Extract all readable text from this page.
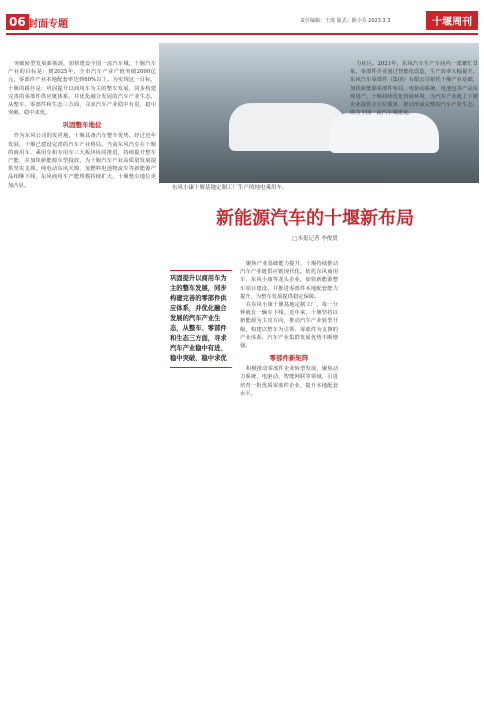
06 封面专题	责任编辑：王琦 版式：陈小芬 2023.3.3	十堰周刊

突破转型发展新瓶颈，加快建设全国一流汽车城。十堰汽车产业的目标是：到2025年，全市汽车产业产值突破2000亿元，零部件产业本地配套率达到60%以上。为实现这一目标，十堰的路径是：巩固提升以商用车为主的整车发展，同步构建完善的零部件供应链体系，并优化融合发展的汽车产业生态，从整车、零部件和生态三方面，寻求汽车产业稳中有进、稳中突破、稳中求优。

巩固整车地位

作为东风公司的发祥地，十堰具备汽车整车优势。经过近年发展，十堰已建设完善的汽车产业格局。当前东风汽车在十堰的商用车、乘用车和专用车三大板块协同推进，持续提升整车产能，并加快新能源车型投放，为十堰汽车产业高质量发展提供坚实支撑。纯电动东风天锦、氢燃料电池物流车等新能源产品相继下线，东风商用车产能规模持续扩大，十堰整车地位更加凸显。	东风小康十堰基地定制工厂生产的纯电乘用车。
新能源汽车的十堰新布局
□本报记者 李俊贤
巩固提升以商用车为主的整车发展，同步构建完善的零部件供应体系，并优化融合发展的汽车产业生态，从整车、零部件和生态三方面，寻求汽车产业稳中有进、稳中突破、稳中求优

聚焦产业基础能力提升，十堰持续推动汽车产业链供应链现代化。依托东风商用车、东风小康等龙头企业，加快新能源整车项目建设，并推进零部件本地配套能力提升，为整车发展提供稳定保障。

在东风小康十堰基地定制工厂，每一分钟就有一辆车下线。近年来，十堰坚持以新能源为主攻方向，推动汽车产业转型升级，构建以整车为引领、零部件为支撑的产业体系，汽车产业集群发展优势不断增强。

零部件新矩阵

积极推动零部件企业转型发展，聚焦动力系统、电驱动、智能网联等领域，引进培育一批优质零部件企业，提升本地配套水平。

力社区。2021年，东风汽车生产车间内一派繁忙景象。零部件企业通过智能化改造，生产效率大幅提升。东风汽车零部件（集团）有限公司依托十堰产业基础，加快新能源零部件布局，电驱动系统、电池包等产品实现量产。十堰持续优化营商环境，为汽车产业链上下游企业提供全方位服务，推动形成完整的汽车产业生态，助力全国一流汽车城建设。
